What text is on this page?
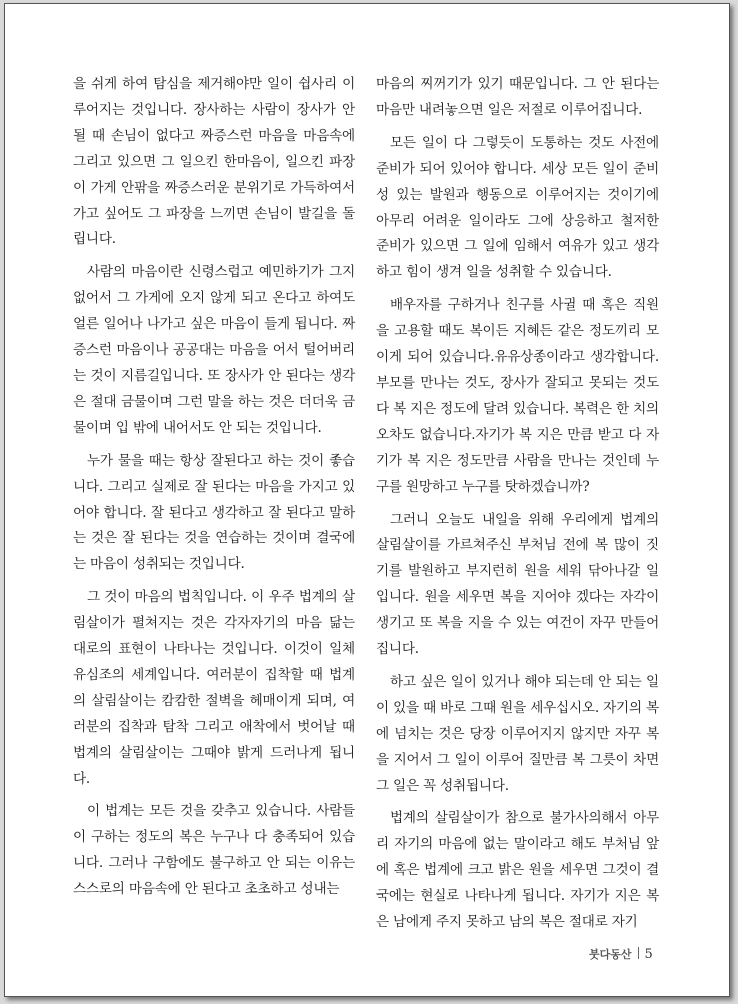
을 쉬게 하여 탐심을 제거해야만 일이 쉽사리 이루어지는 것입니다. 장사하는 사람이 장사가 안 될 때 손님이 없다고 짜증스런 마음을 마음속에 그리고 있으면 그 일으킨 한마음이, 일으킨 파장이 가게 안팎을 짜증스러운 분위기로 가득하여서 가고 싶어도 그 파장을 느끼면 손님이 발길을 돌립니다.

사람의 마음이란 신령스럽고 예민하기가 그지없어서 그 가게에 오지 않게 되고 온다고 하여도 얼른 일어나 나가고 싶은 마음이 들게 됩니다. 짜증스런 마음이나 공공대는 마음을 어서 털어버리는 것이 지름길입니다. 또 장사가 안 된다는 생각은 절대 금물이며 그런 말을 하는 것은 더더욱 금물이며 입 밖에 내어서도 안 되는 것입니다.

누가 물을 때는 항상 잘된다고 하는 것이 좋습니다. 그리고 실제로 잘 된다는 마음을 가지고 있어야 합니다. 잘 된다고 생각하고 잘 된다고 말하는 것은 잘 된다는 것을 연습하는 것이며 결국에는 마음이 성취되는 것입니다.

그 것이 마음의 법칙입니다. 이 우주 법계의 살림살이가 펼쳐지는 것은 각자자기의 마음 닮는 대로의 표현이 나타나는 것입니다. 이것이 일체유심조의 세계입니다. 여러분이 집착할 때 법계의 살림살이는 캄캄한 절벽을 헤매이게 되며, 여러분의 집착과 탐착 그리고 애착에서 벗어날 때 법계의 살림살이는 그때야 밝게 드러나게 됩니다.

이 법계는 모든 것을 갖추고 있습니다. 사람들이 구하는 정도의 복은 누구나 다 충족되어 있습니다. 그러나 구함에도 불구하고 안 되는 이유는 스스로의 마음속에 안 된다고 초초하고 성내는

마음의 찌꺼기가 있기 때문입니다. 그 안 된다는 마음만 내려놓으면 일은 저절로 이루어집니다.

모든 일이 다 그렇듯이 도통하는 것도 사전에 준비가 되어 있어야 합니다. 세상 모든 일이 준비성 있는 발원과 행동으로 이루어지는 것이기에 아무리 어려운 일이라도 그에 상응하고 철저한 준비가 있으면 그 일에 임해서 여유가 있고 생각하고 힘이 생겨 일을 성취할 수 있습니다.

배우자를 구하거나 친구를 사귈 때 혹은 직원을 고용할 때도 복이든 지혜든 같은 정도끼리 모이게 되어 있습니다.유유상종이라고 생각합니다. 부모를 만나는 것도, 장사가 잘되고 못되는 것도 다 복 지은 정도에 달려 있습니다. 복력은 한 치의 오차도 없습니다.자기가 복 지은 만큼 받고 다 자기가 복 지은 정도만큼 사람을 만나는 것인데 누구를 원망하고 누구를 탓하겠습니까?

그러니 오늘도 내일을 위해 우리에게 법계의 살림살이를 가르쳐주신 부처님 전에 복 많이 짓기를 발원하고 부지런히 원을 세워 닦아나갈 일입니다. 원을 세우면 복을 지어야 겠다는 자각이 생기고 또 복을 지을 수 있는 여건이 자꾸 만들어 집니다.

하고 싶은 일이 있거나 해야 되는데 안 되는 일이 있을 때 바로 그때 원을 세우십시오. 자기의 복에 넘치는 것은 당장 이루어지지 않지만 자꾸 복을 지어서 그 일이 이루어 질만큼 복 그릇이 차면 그 일은 꼭 성취됩니다.

법계의 살림살이가 참으로 불가사의해서 아무리 자기의 마음에 없는 말이라고 해도 부처님 앞에 혹은 법계에 크고 밝은 원을 세우면 그것이 결국에는 현실로 나타나게 됩니다. 자기가 지은 복은 남에게 주지 못하고 남의 복은 절대로 자기

붓다동산 5
